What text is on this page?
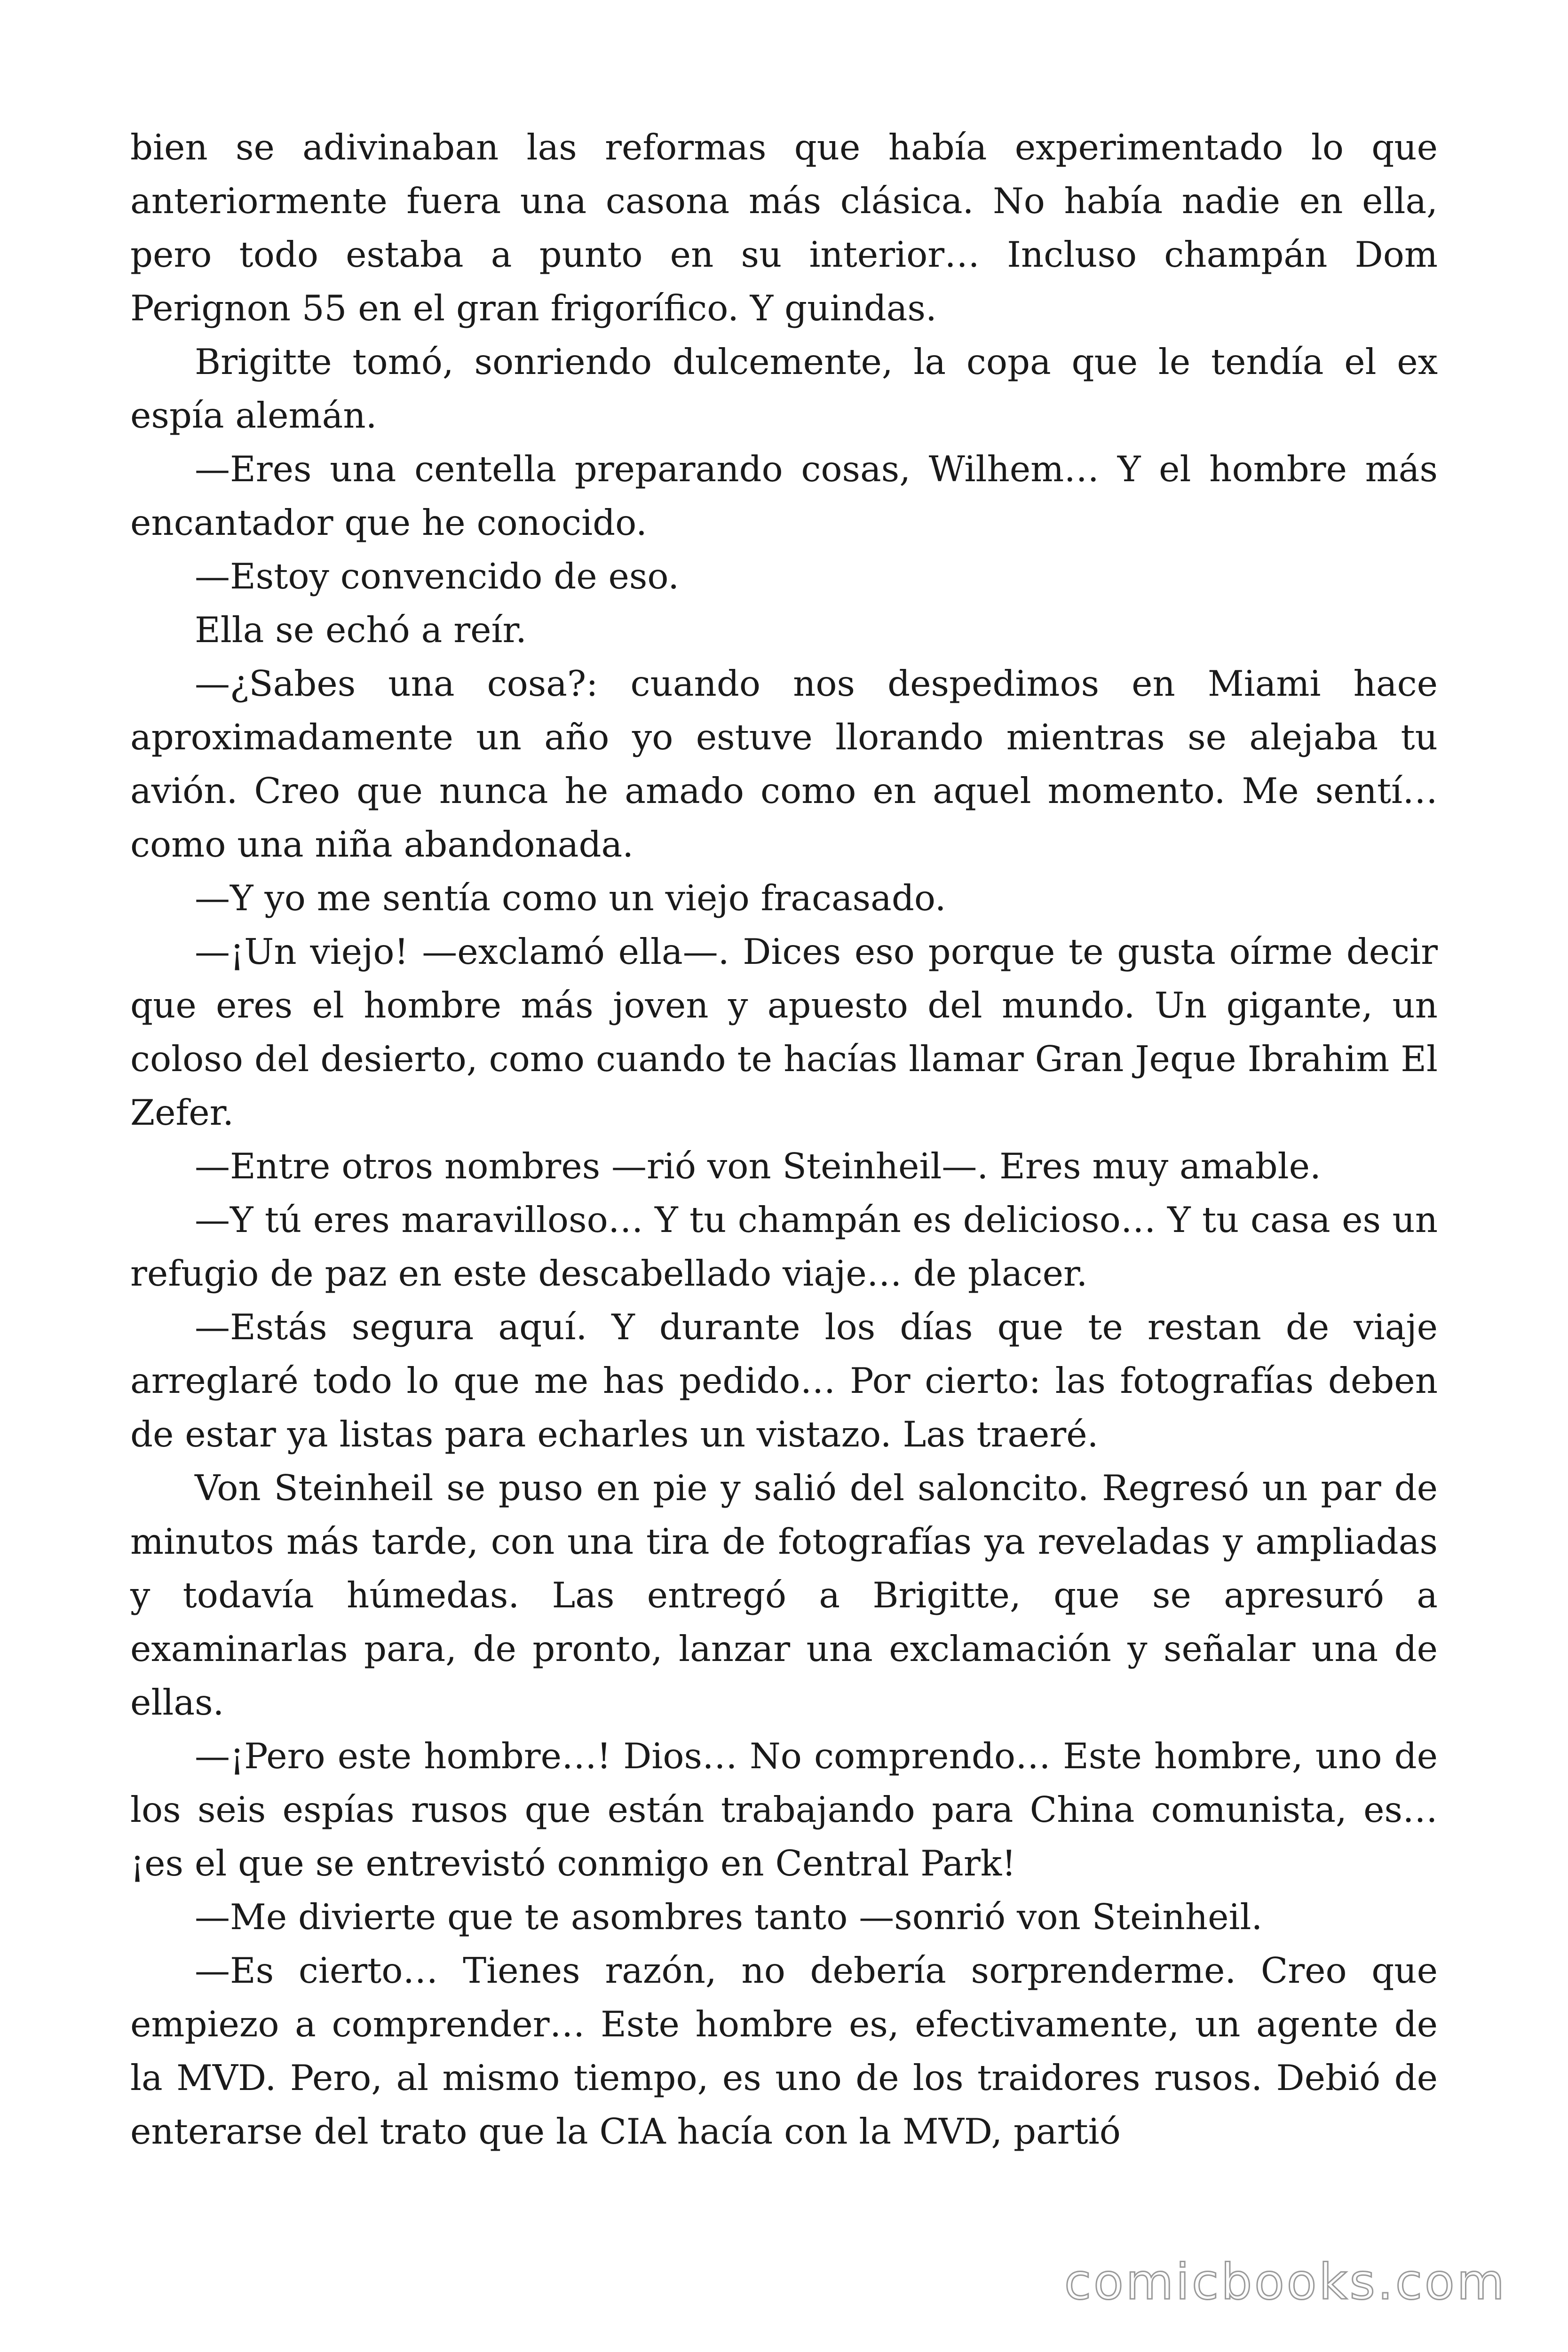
bien se adivinaban las reformas que había experimentado lo que anteriormente fuera una casona más clásica. No había nadie en ella, pero todo estaba a punto en su interior… Incluso champán Dom Perignon 55 en el gran frigorífico. Y guindas.

Brigitte tomó, sonriendo dulcemente, la copa que le tendía el ex espía alemán.

—Eres una centella preparando cosas, Wilhem… Y el hombre más encantador que he conocido.

—Estoy convencido de eso.

Ella se echó a reír.

—¿Sabes una cosa?: cuando nos despedimos en Miami hace aproximadamente un año yo estuve llorando mientras se alejaba tu avión. Creo que nunca he amado como en aquel momento. Me sentí… como una niña abandonada.

—Y yo me sentía como un viejo fracasado.

—¡Un viejo! —exclamó ella—. Dices eso porque te gusta oírme decir que eres el hombre más joven y apuesto del mundo. Un gigante, un coloso del desierto, como cuando te hacías llamar Gran Jeque Ibrahim El Zefer.

—Entre otros nombres —rió von Steinheil—. Eres muy amable.

—Y tú eres maravilloso… Y tu champán es delicioso… Y tu casa es un refugio de paz en este descabellado viaje… de placer.

—Estás segura aquí. Y durante los días que te restan de viaje arreglaré todo lo que me has pedido… Por cierto: las fotografías deben de estar ya listas para echarles un vistazo. Las traeré.

Von Steinheil se puso en pie y salió del saloncito. Regresó un par de minutos más tarde, con una tira de fotografías ya reveladas y ampliadas y todavía húmedas. Las entregó a Brigitte, que se apresuró a examinarlas para, de pronto, lanzar una exclamación y señalar una de ellas.

—¡Pero este hombre…! Dios… No comprendo… Este hombre, uno de los seis espías rusos que están trabajando para China comunista, es… ¡es el que se entrevistó conmigo en Central Park!

—Me divierte que te asombres tanto —sonrió von Steinheil.

—Es cierto… Tienes razón, no debería sorprenderme. Creo que empiezo a comprender… Este hombre es, efectivamente, un agente de la MVD. Pero, al mismo tiempo, es uno de los traidores rusos. Debió de enterarse del trato que la CIA hacía con la MVD, partió

comicbooks.com
